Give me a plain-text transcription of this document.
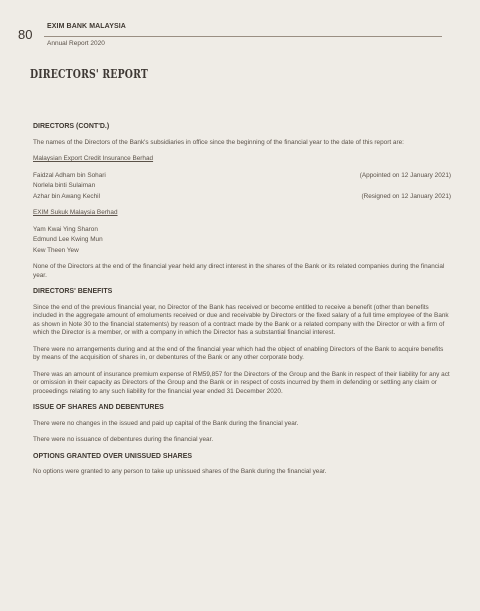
80
EXIM BANK MALAYSIA
Annual Report 2020
DIRECTORS' REPORT
DIRECTORS (CONT'D.)

The names of the Directors of the Bank's subsidiaries in office since the beginning of the financial year to the date of this report are:

Malaysian Export Credit Insurance Berhad
Faidzal Adham bin Sohari	(Appointed on 12 January 2021)
Norlela binti Sulaiman
Azhar bin Awang Kechil	(Resigned on 12 January 2021)
EXIM Sukuk Malaysia Berhad
Yam Kwai Ying Sharon
Edmund Lee Kwing Mun
Kew Theen Yew

None of the Directors at the end of the financial year held any direct interest in the shares of the Bank or its related companies during the financial year.

DIRECTORS' BENEFITS

Since the end of the previous financial year, no Director of the Bank has received or become entitled to receive a benefit (other than benefits included in the aggregate amount of emoluments received or due and receivable by Directors or the fixed salary of a full time employee of the Bank as shown in Note 30 to the financial statements) by reason of a contract made by the Bank or a related company with the Director or with a firm of which the Director is a member, or with a company in which the Director has a substantial financial interest.

There were no arrangements during and at the end of the financial year which had the object of enabling Directors of the Bank to acquire benefits by means of the acquisition of shares in, or debentures of the Bank or any other corporate body.

There was an amount of insurance premium expense of RM59,857 for the Directors of the Group and the Bank in respect of their liability for any act or omission in their capacity as Directors of the Group and the Bank or in respect of costs incurred by them in defending or settling any claim or proceedings relating to any such liability for the financial year ended 31 December 2020.

ISSUE OF SHARES AND DEBENTURES

There were no changes in the issued and paid up capital of the Bank during the financial year.

There were no issuance of debentures during the financial year.

OPTIONS GRANTED OVER UNISSUED SHARES

No options were granted to any person to take up unissued shares of the Bank during the financial year.
